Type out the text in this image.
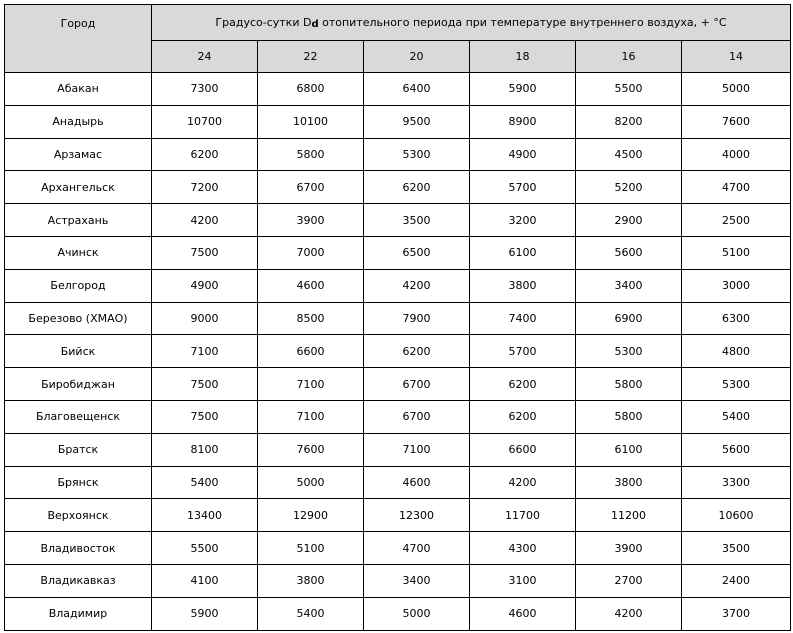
Город	Градусо-сутки $D_d$ отопительного периода при температуре внутреннего воздуха, + °С					
	24	22	20	18	16	14
Абакан	7300	6800	6400	5900	5500	5000
Анадырь	10700	10100	9500	8900	8200	7600
Арзамас	6200	5800	5300	4900	4500	4000
Архангельск	7200	6700	6200	5700	5200	4700
Астрахань	4200	3900	3500	3200	2900	2500
Ачинск	7500	7000	6500	6100	5600	5100
Белгород	4900	4600	4200	3800	3400	3000
Березово (ХМАО)	9000	8500	7900	7400	6900	6300
Бийск	7100	6600	6200	5700	5300	4800
Биробиджан	7500	7100	6700	6200	5800	5300
Благовещенск	7500	7100	6700	6200	5800	5400
Братск	8100	7600	7100	6600	6100	5600
Брянск	5400	5000	4600	4200	3800	3300
Верхоянск	13400	12900	12300	11700	11200	10600
Владивосток	5500	5100	4700	4300	3900	3500
Владикавказ	4100	3800	3400	3100	2700	2400
Владимир	5900	5400	5000	4600	4200	3700
